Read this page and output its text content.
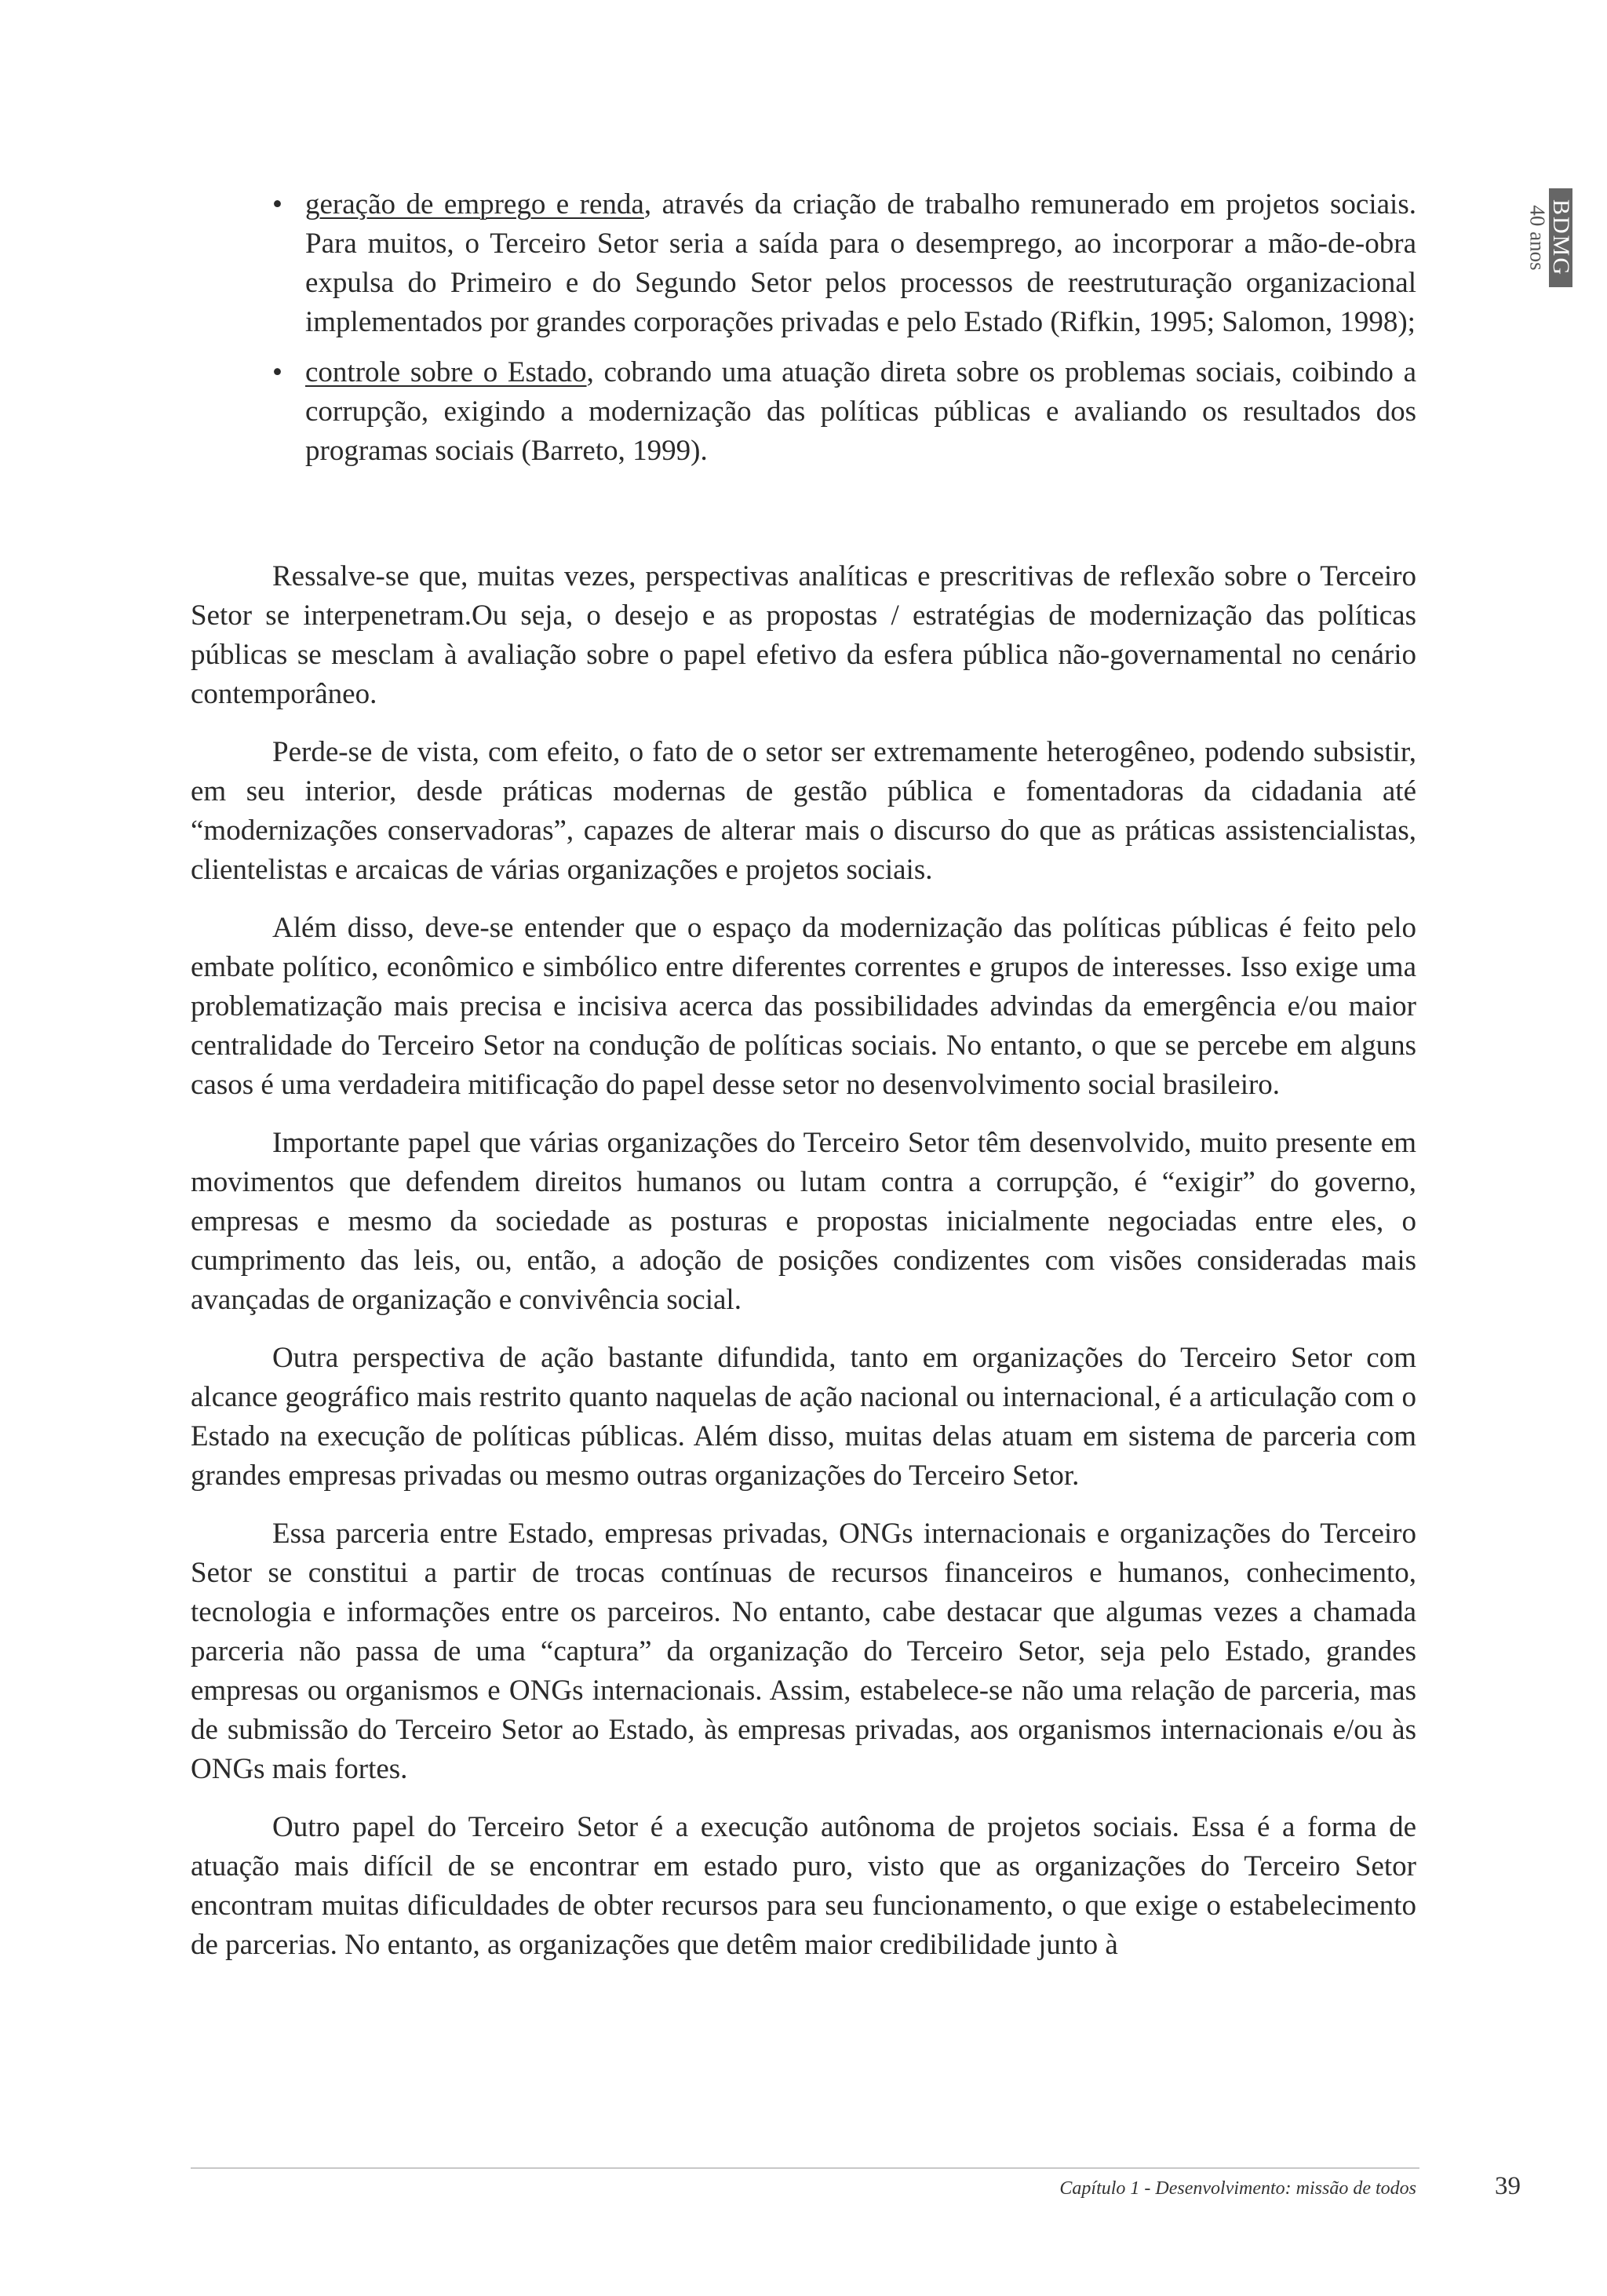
BDMG
40 anos
• geração de emprego e renda, através da criação de trabalho remunerado em projetos sociais. Para muitos, o Terceiro Setor seria a saída para o desemprego, ao incorporar a mão-de-obra expulsa do Primeiro e do Segundo Setor pelos processos de reestruturação organizacional implementados por grandes corporações privadas e pelo Estado (Rifkin, 1995; Salomon, 1998);
• controle sobre o Estado, cobrando uma atuação direta sobre os problemas sociais, coibindo a corrupção, exigindo a modernização das políticas públicas e avaliando os resultados dos programas sociais (Barreto, 1999).

Ressalve-se que, muitas vezes, perspectivas analíticas e prescritivas de reflexão sobre o Terceiro Setor se interpenetram.Ou seja, o desejo e as propostas / estratégias de modernização das políticas públicas se mesclam à avaliação sobre o papel efetivo da esfera pública não-governamental no cenário contemporâneo.

Perde-se de vista, com efeito, o fato de o setor ser extremamente heterogêneo, podendo subsistir, em seu interior, desde práticas modernas de gestão pública e fomentadoras da cidadania até “modernizações conservadoras”, capazes de alterar mais o discurso do que as práticas assistencialistas, clientelistas e arcaicas de várias organizações e projetos sociais.

Além disso, deve-se entender que o espaço da modernização das políticas públicas é feito pelo embate político, econômico e simbólico entre diferentes correntes e grupos de interesses. Isso exige uma problematização mais precisa e incisiva acerca das possibilidades advindas da emergência e/ou maior centralidade do Terceiro Setor na condução de políticas sociais. No entanto, o que se percebe em alguns casos é uma verdadeira mitificação do papel desse setor no desenvolvimento social brasileiro.

Importante papel que várias organizações do Terceiro Setor têm desenvolvido, muito presente em movimentos que defendem direitos humanos ou lutam contra a corrupção, é “exigir” do governo, empresas e mesmo da sociedade as posturas e propostas inicialmente negociadas entre eles, o cumprimento das leis, ou, então, a adoção de posições condizentes com visões consideradas mais avançadas de organização e convivência social.

Outra perspectiva de ação bastante difundida, tanto em organizações do Terceiro Setor com alcance geográfico mais restrito quanto naquelas de ação nacional ou internacional, é a articulação com o Estado na execução de políticas públicas. Além disso, muitas delas atuam em sistema de parceria com grandes empresas privadas ou mesmo outras organizações do Terceiro Setor.

Essa parceria entre Estado, empresas privadas, ONGs internacionais e organizações do Terceiro Setor se constitui a partir de trocas contínuas de recursos financeiros e humanos, conhecimento, tecnologia e informações entre os parceiros. No entanto, cabe destacar que algumas vezes a chamada parceria não passa de uma “captura” da organização do Terceiro Setor, seja pelo Estado, grandes empresas ou organismos e ONGs internacionais. Assim, estabelece-se não uma relação de parceria, mas de submissão do Terceiro Setor ao Estado, às empresas privadas, aos organismos internacionais e/ou às ONGs mais fortes.

Outro papel do Terceiro Setor é a execução autônoma de projetos sociais. Essa é a forma de atuação mais difícil de se encontrar em estado puro, visto que as organizações do Terceiro Setor encontram muitas dificuldades de obter recursos para seu funcionamento, o que exige o estabelecimento de parcerias. No entanto, as organizações que detêm maior credibilidade junto à

Capítulo 1 - Desenvolvimento: missão de todos	39
